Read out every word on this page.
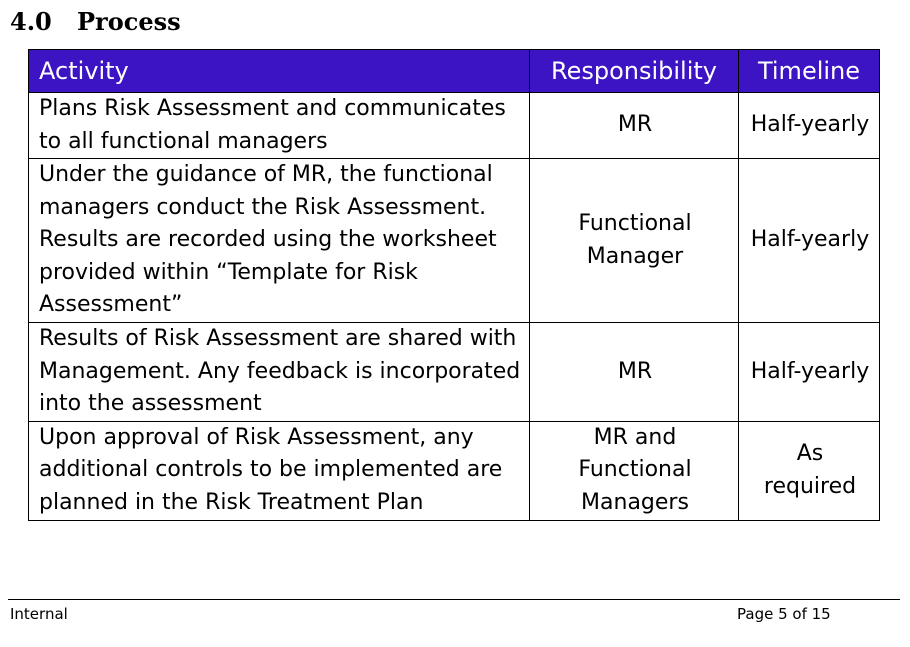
4.0 Process
Activity	Responsibility	Timeline
Plans Risk Assessment and communicates to all functional managers	MR	Half-yearly
Under the guidance of MR, the functional managers conduct the Risk Assessment. Results are recorded using the worksheet provided within “Template for Risk Assessment”	Functional Manager	Half-yearly
Results of Risk Assessment are shared with Management. Any feedback is incorporated into the assessment	MR	Half-yearly
Upon approval of Risk Assessment, any additional controls to be implemented are planned in the Risk Treatment Plan	MR and Functional Managers	As required
Internal	Page 5 of 15
